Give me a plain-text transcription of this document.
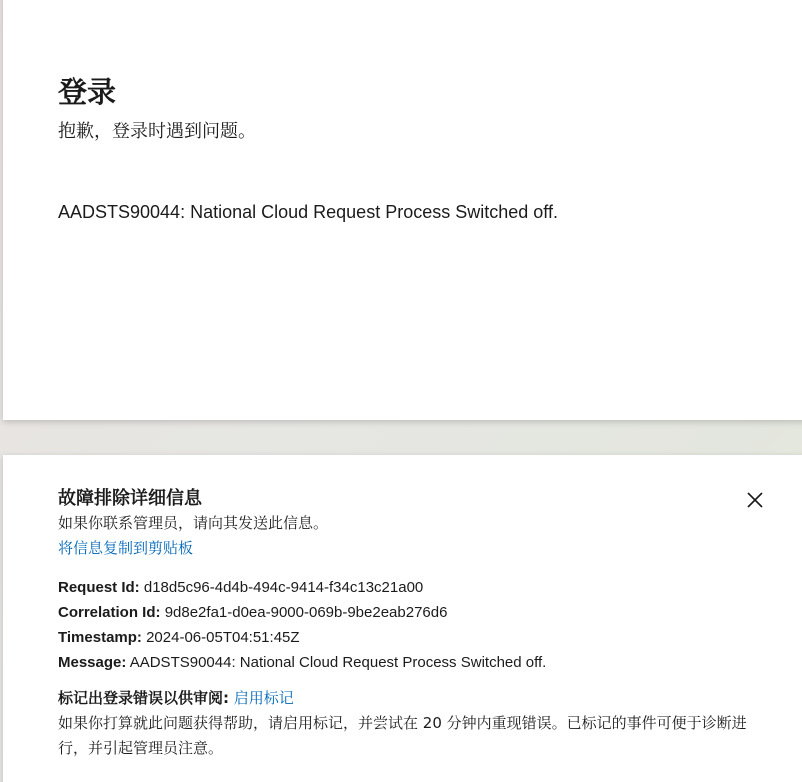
登录
抱歉，登录时遇到问题。
AADSTS90044: National Cloud Request Process Switched off.
故障排除详细信息
如果你联系管理员，请向其发送此信息。
将信息复制到剪贴板
Request Id: d18d5c96-4d4b-494c-9414-f34c13c21a00
Correlation Id: 9d8e2fa1-d0ea-9000-069b-9be2eab276d6
Timestamp: 2024-06-05T04:51:45Z
Message: AADSTS90044: National Cloud Request Process Switched off.
标记出登录错误以供审阅: 启用标记
如果你打算就此问题获得帮助，请启用标记，并尝试在 20 分钟内重现错误。已标记的事件可便于诊断进行，并引起管理员注意。
